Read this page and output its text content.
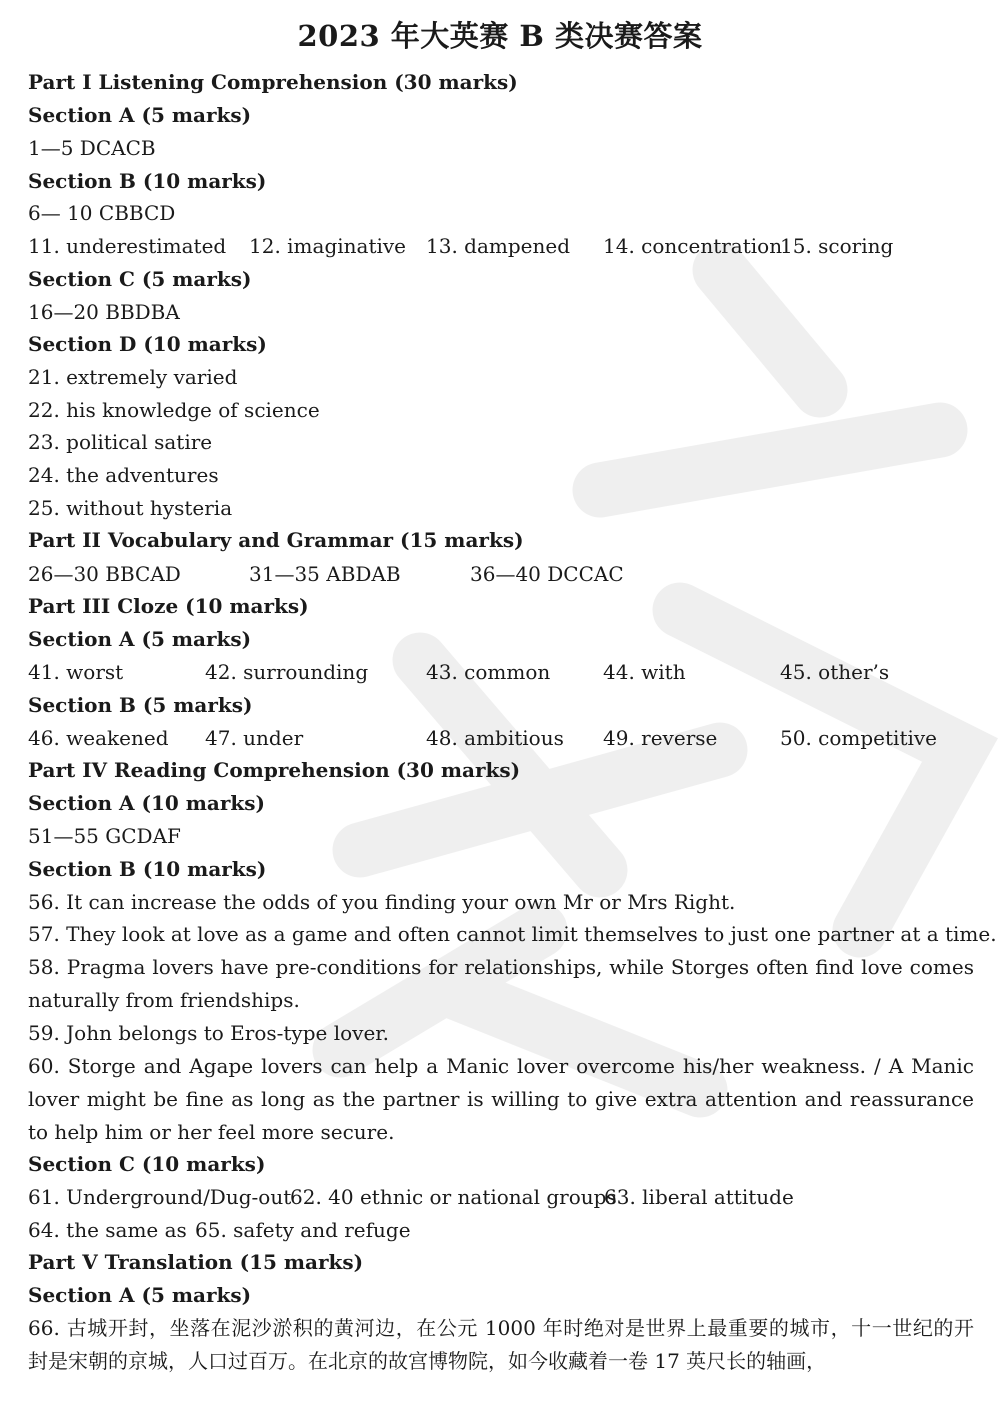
2023 年大英赛 B 类决赛答案
Part I Listening Comprehension (30 marks)
Section A (5 marks)
1—5 DCACB
Section B (10 marks)
6— 10 CBBCD
11. underestimated 12. imaginative 13. dampened 14. concentration
15. scoring
Section C (5 marks)
16—20 BBDBA
Section D (10 marks)
21. extremely varied
22. his knowledge of science
23. political satire
24. the adventures
25. without hysteria
Part II Vocabulary and Grammar (15 marks)
26—30 BBCAD	31—35 ABDAB	36—40 DCCAC
Part III Cloze (10 marks)
Section A (5 marks)
41. worst	42. surrounding	43. common	44. with	45. other’s
Section B (5 marks)
46. weakened 47. under	48. ambitious 49. reverse	50. competitive
Part IV Reading Comprehension (30 marks)
Section A (10 marks)
51—55 GCDAF
Section B (10 marks)
56. It can increase the odds of you finding your own Mr or Mrs Right.
57. They look at love as a game and often cannot limit themselves to just one partner at a time.
58. Pragma lovers have pre-conditions for relationships, while Storges often find love comes naturally from friendships.
59. John belongs to Eros-type lover.
60. Storge and Agape lovers can help a Manic lover overcome his/her weakness. / A Manic lover might be fine as long as the partner is willing to give extra attention and reassurance to help him or her feel more secure.
Section C (10 marks)
61. Underground/Dug-out
62. 40 ethnic or national groups
63. liberal attitude
64. the same as 65. safety and refuge
Part V Translation (15 marks)
Section A (5 marks)
66. 古城开封，坐落在泥沙淤积的黄河边，在公元 1000 年时绝对是世界上最重要的城市，十一世纪的开 封是宋朝的京城，人口过百万。在北京的故宫博物院，如今收藏着一卷 17 英尺长的轴画，
